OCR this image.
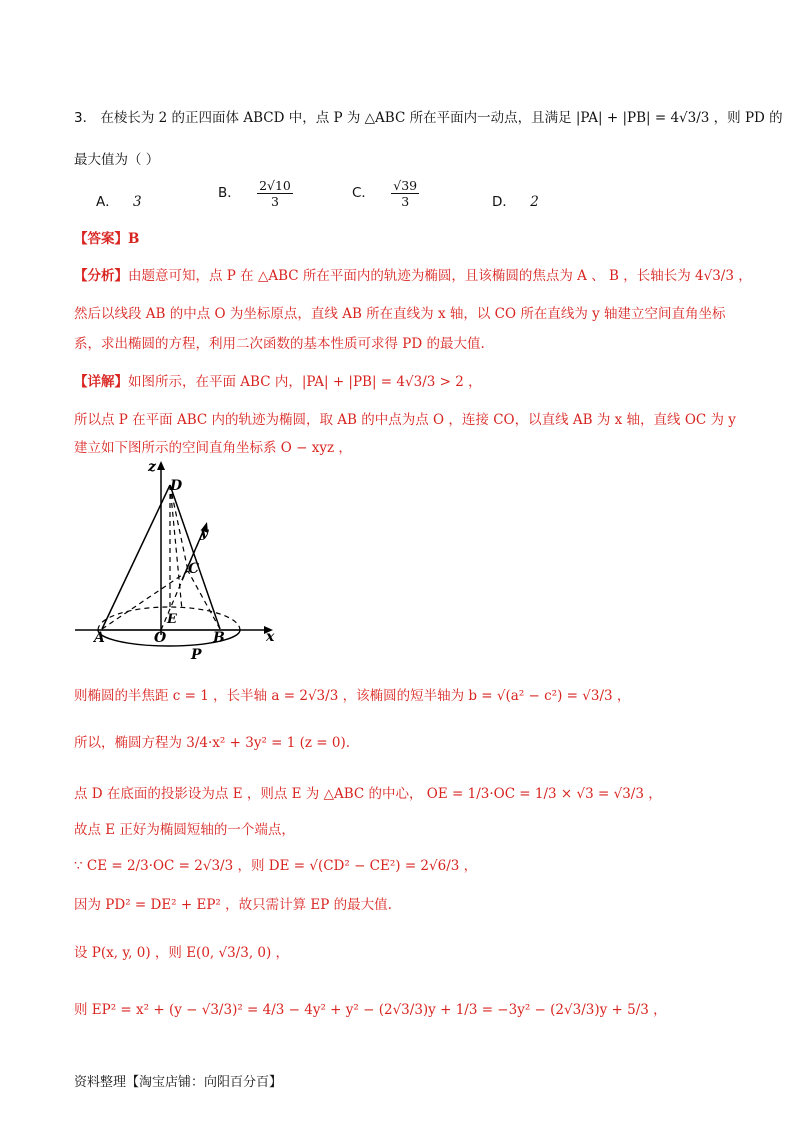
3． 在棱长为 2 的正四面体 ABCD 中，点 P 为 △ABC 所在平面内一动点，且满足 |PA| + |PB| = 4√3/3 ，则 PD 的
最大值为（ ）
A． 3
B． $\frac{2√10}{3}$	C． $\frac{√39}{3}$	D． 2
【答案】B
【分析】由题意可知，点 P 在 △ABC 所在平面内的轨迹为椭圆，且该椭圆的焦点为 A 、 B ，长轴长为 4√3/3 ，
然后以线段 AB 的中点 O 为坐标原点，直线 AB 所在直线为 x 轴，以 CO 所在直线为 y 轴建立空间直角坐标
系，求出椭圆的方程，利用二次函数的基本性质可求得 PD 的最大值.
【详解】如图所示，在平面 ABC 内，|PA| + |PB| = 4√3/3 > 2 ，
所以点 P 在平面 ABC 内的轨迹为椭圆，取 AB 的中点为点 O ，连接 CO，以直线 AB 为 x 轴，直线 OC 为 y
建立如下图所示的空间直角坐标系 O − xyz ，
z
D
y
C
E
A	O	B	x
P
则椭圆的半焦距 c = 1 ，长半轴 a = 2√3/3 ，该椭圆的短半轴为 b = √(a² − c²) = √3/3 ，
所以，椭圆方程为 3/4·x² + 3y² = 1 (z = 0).
点 D 在底面的投影设为点 E ，则点 E 为 △ABC 的中心， OE = 1/3·OC = 1/3 × √3 = √3/3 ，
故点 E 正好为椭圆短轴的一个端点，
∵ CE = 2/3·OC = 2√3/3 ，则 DE = √(CD² − CE²) = 2√6/3 ，
因为 PD² = DE² + EP² ，故只需计算 EP 的最大值.
设 P(x, y, 0) ，则 E(0, √3/3, 0) ，
则 EP² = x² + (y − √3/3)² = 4/3 − 4y² + y² − (2√3/3)y + 1/3 = −3y² − (2√3/3)y + 5/3 ，
资料整理【淘宝店铺：向阳百分百】
